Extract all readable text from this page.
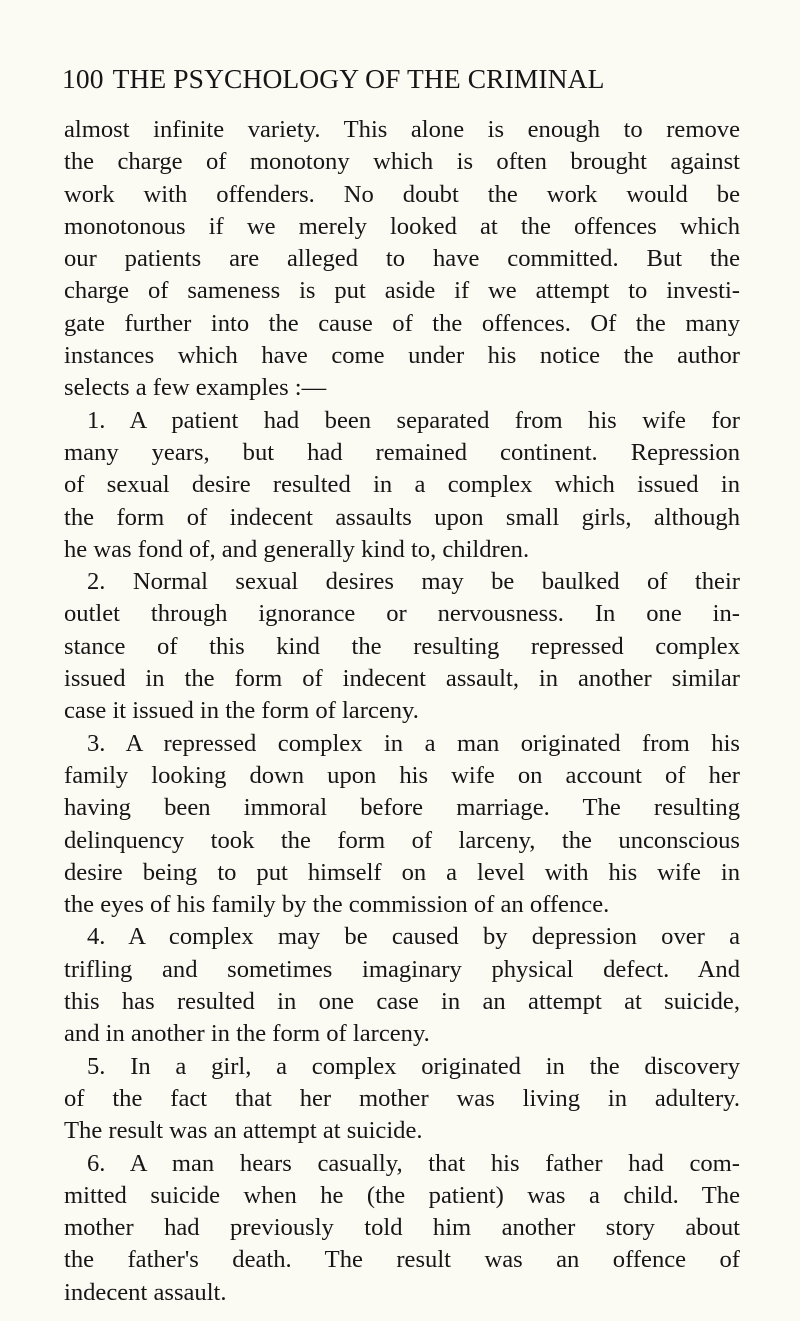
100 THE PSYCHOLOGY OF THE CRIMINAL
almost infinite variety. This alone is enough to remove
the charge of monotony which is often brought against
work with offenders. No doubt the work would be
monotonous if we merely looked at the offences which
our patients are alleged to have committed. But the
charge of sameness is put aside if we attempt to investi-
gate further into the cause of the offences. Of the many
instances which have come under his notice the author
selects a few examples :—
1. A patient had been separated from his wife for
many years, but had remained continent. Repression
of sexual desire resulted in a complex which issued in
the form of indecent assaults upon small girls, although
he was fond of, and generally kind to, children.
2. Normal sexual desires may be baulked of their
outlet through ignorance or nervousness. In one in-
stance of this kind the resulting repressed complex
issued in the form of indecent assault, in another similar
case it issued in the form of larceny.
3. A repressed complex in a man originated from his
family looking down upon his wife on account of her
having been immoral before marriage. The resulting
delinquency took the form of larceny, the unconscious
desire being to put himself on a level with his wife in
the eyes of his family by the commission of an offence.
4. A complex may be caused by depression over a
trifling and sometimes imaginary physical defect. And
this has resulted in one case in an attempt at suicide,
and in another in the form of larceny.
5. In a girl, a complex originated in the discovery
of the fact that her mother was living in adultery.
The result was an attempt at suicide.
6. A man hears casually, that his father had com-
mitted suicide when he (the patient) was a child. The
mother had previously told him another story about
the father's death. The result was an offence of
indecent assault.
